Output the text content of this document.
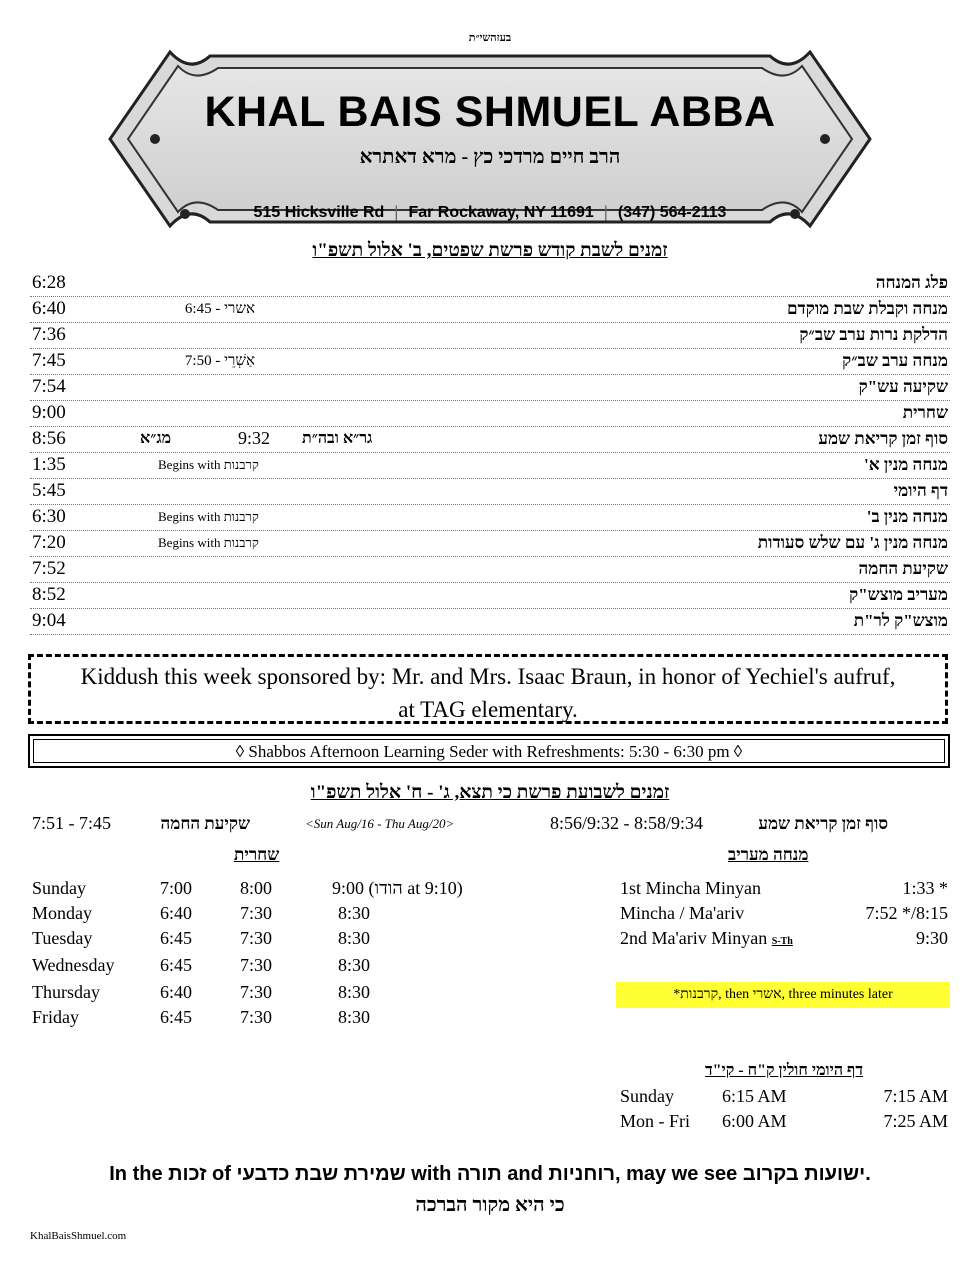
בעזהשי״ת
KHAL BAIS SHMUEL ABBA
הרב חיים מרדכי כץ - מרא דאתרא
515 Hicksville Rd | Far Rockaway, NY 11691 | (347) 564-2113
זמנים לשבת קודש פרשת שפטים, ב' אלול תשפ"ו
6:28	פלג המנחה
6:40	אשרי - 6:45	מנחה וקבלת שבת מוקדם
7:36	הדלקת נרות ערב שב״ק
7:45	אַשְׁרֵי - 7:50	מנחה ערב שב״ק
7:54	שקיעה עש"ק
9:00	שחרית
8:56	מג״א	9:32 גר״א ובה״ת	סוף זמן קריאת שמע
1:35	Begins with קרבנות	מנחה מנין א'
5:45	דף היומי
6:30	Begins with קרבנות	מנחה מנין ב'
7:20	Begins with קרבנות	מנחה מנין ג' עם שלש סעודות
7:52	שקיעת החמה
8:52	מעריב מוצש"ק
9:04	מוצש"ק לר"ת
Kiddush this week sponsored by: Mr. and Mrs. Isaac Braun, in honor of Yechiel's aufruf,
at TAG elementary.
◊ Shabbos Afternoon Learning Seder with Refreshments: 5:30 - 6:30 pm ◊
זמנים לשבועת פרשת כי תצא, ג' - ח' אלול תשפ"ו
7:51 - 7:45	שקיעת החמה	<Sun Aug/16 - Thu Aug/20>	8:56/9:32 - 8:58/9:34	סוף זמן קריאת שמע
שחרית
Sunday	7:00	8:00	9:00 (הודו at 9:10)
Monday	6:40	7:30	8:30
Tuesday	6:45	7:30	8:30
Wednesday	6:45	7:30	8:30
Thursday	6:40	7:30	8:30
Friday	6:45	7:30	8:30
מנחה מעריב
1st Mincha Minyan	1:33 *
Mincha / Ma'ariv	7:52 */8:15
2nd Ma'ariv Minyan S-Th	9:30
*קרבנות, then אשרי, three minutes later
דף היומי חולין ק"ח - קי"ד
Sunday	6:15 AM	7:15 AM
Mon - Fri 6:00 AM	7:25 AM
In the זכות of שמירת שבת כדבעי with תורה and רוחניות, may we see ישועות בקרוב.
כי היא מקור הברכה
KhalBaisShmuel.com
